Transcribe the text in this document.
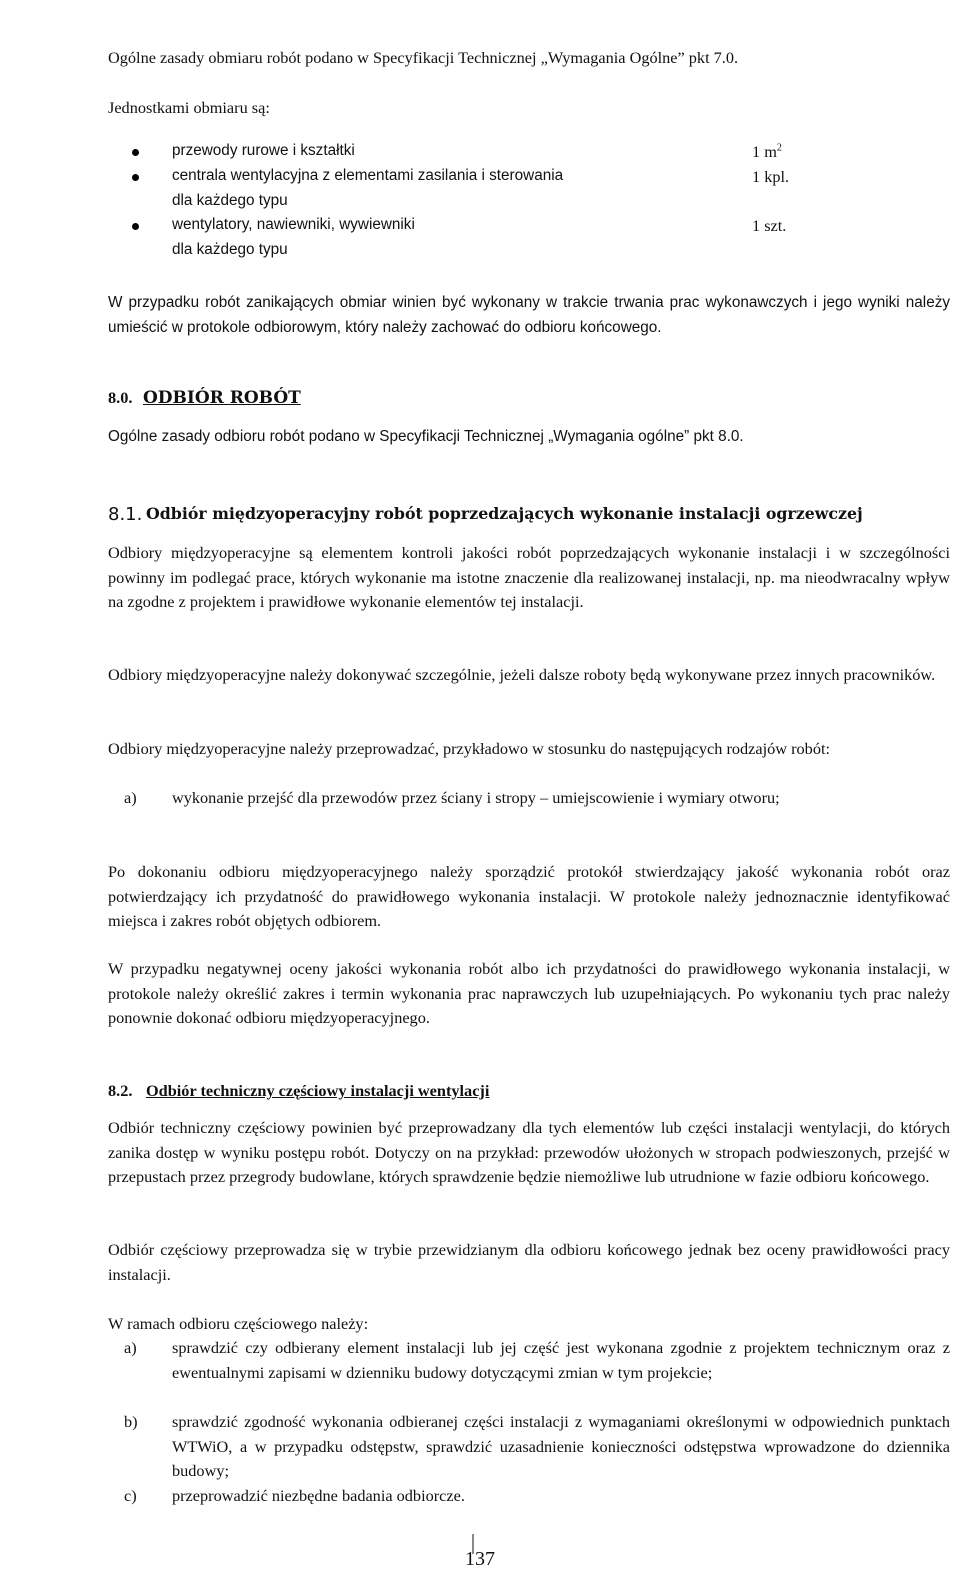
Ogólne zasady obmiaru robót podano w Specyfikacji Technicznej „Wymagania Ogólne” pkt 7.0.

Jednostkami obmiaru są:

przewody rurowe i kształtki	1 $m^2$

centrala wentylacyjna z elementami zasilania i sterowania	1 kpl.

dla każdego typu

wentylatory, nawiewniki, wywiewniki	1 szt.

dla każdego typu

W przypadku robót zanikających obmiar winien być wykonany w trakcie trwania prac wykonawczych i jego wyniki należy umieścić w protokole odbiorowym, który należy zachować do odbioru końcowego.

8.0. ODBIÓR ROBÓT

Ogólne zasady odbioru robót podano w Specyfikacji Technicznej „Wymagania ogólne” pkt 8.0.

8.1. Odbiór międzyoperacyjny robót poprzedzających wykonanie instalacji ogrzewczej

Odbiory międzyoperacyjne są elementem kontroli jakości robót poprzedzających wykonanie instalacji i w szczególności powinny im podlegać prace, których wykonanie ma istotne znaczenie dla realizowanej instalacji, np. ma nieodwracalny wpływ na zgodne z projektem i prawidłowe wykonanie elementów tej instalacji.

Odbiory międzyoperacyjne należy dokonywać szczególnie, jeżeli dalsze roboty będą wykonywane przez innych pracowników.

Odbiory międzyoperacyjne należy przeprowadzać, przykładowo w stosunku do następujących rodzajów robót:

a) wykonanie przejść dla przewodów przez ściany i stropy – umiejscowienie i wymiary otworu;

Po dokonaniu odbioru międzyoperacyjnego należy sporządzić protokół stwierdzający jakość wykonania robót oraz potwierdzający ich przydatność do prawidłowego wykonania instalacji. W protokole należy jednoznacznie identyfikować miejsca i zakres robót objętych odbiorem.

W przypadku negatywnej oceny jakości wykonania robót albo ich przydatności do prawidłowego wykonania instalacji, w protokole należy określić zakres i termin wykonania prac naprawczych lub uzupełniających. Po wykonaniu tych prac należy ponownie dokonać odbioru międzyoperacyjnego.

8.2. Odbiór techniczny częściowy instalacji wentylacji

Odbiór techniczny częściowy powinien być przeprowadzany dla tych elementów lub części instalacji wentylacji, do których zanika dostęp w wyniku postępu robót. Dotyczy on na przykład: przewodów ułożonych w stropach podwieszonych, przejść w przepustach przez przegrody budowlane, których sprawdzenie będzie niemożliwe lub utrudnione w fazie odbioru końcowego.

Odbiór częściowy przeprowadza się w trybie przewidzianym dla odbioru końcowego jednak bez oceny prawidłowości pracy instalacji.

W ramach odbioru częściowego należy:

a) sprawdzić czy odbierany element instalacji lub jej część jest wykonana zgodnie z projektem technicznym oraz z ewentualnymi zapisami w dzienniku budowy dotyczącymi zmian w tym projekcie;

b) sprawdzić zgodność wykonania odbieranej części instalacji z wymaganiami określonymi w odpowiednich punktach WTWiO, a w przypadku odstępstw, sprawdzić uzasadnienie konieczności odstępstwa wprowadzone do dziennika budowy;

c) przeprowadzić niezbędne badania odbiorcze.

137
